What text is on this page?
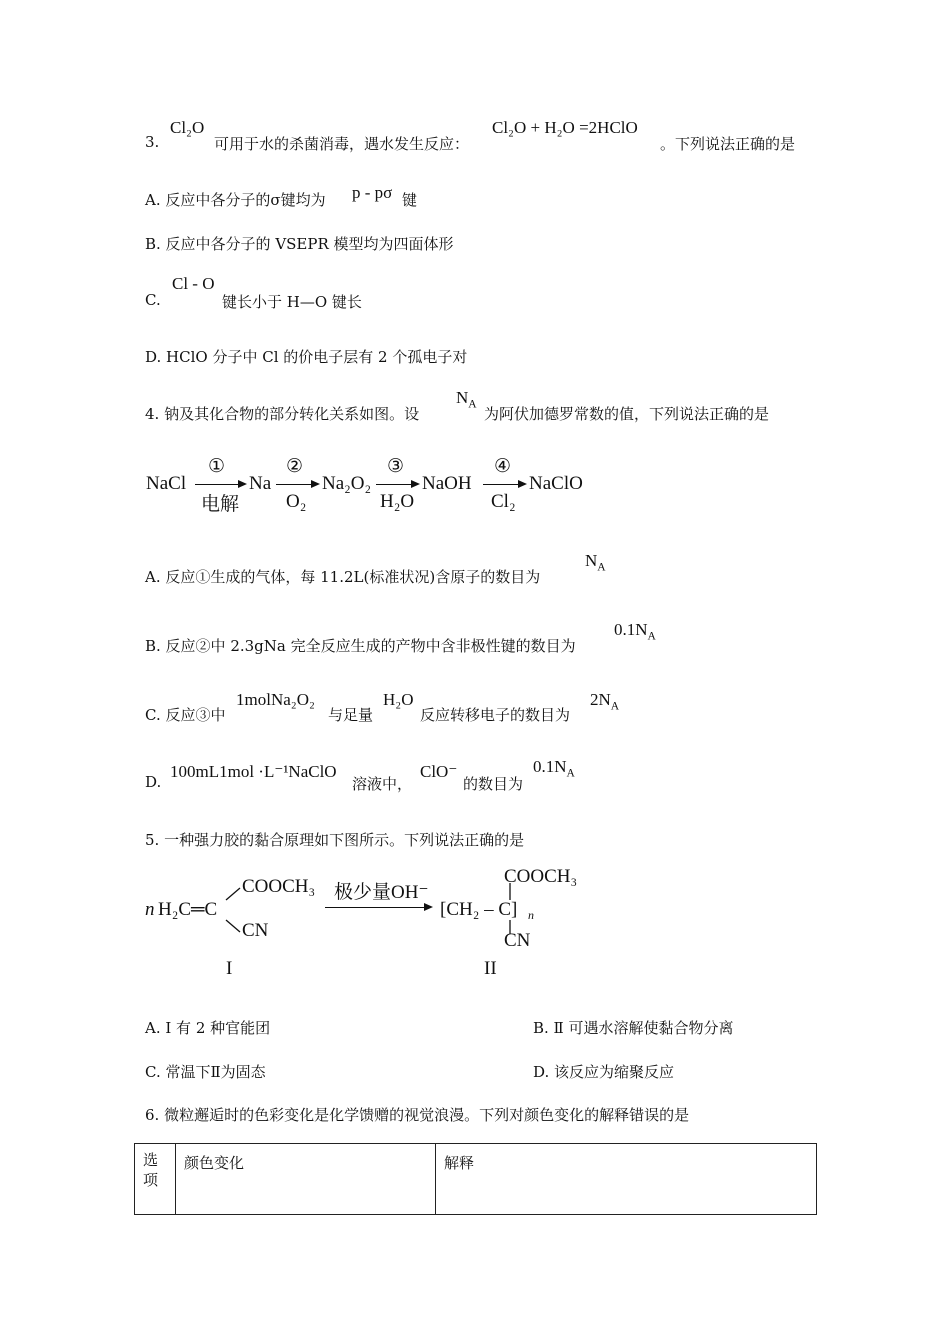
3.
Cl₂O
可用于水的杀菌消毒，遇水发生反应：
Cl₂O + H₂O =2HClO
。下列说法正确的是
A. 反应中各分子的σ键均为 p - pσ 键
B. 反应中各分子的 VSEPR 模型均为四面体形
C.
Cl - O
键长小于 H—O 键长
D. HClO 分子中 Cl 的价电子层有 2 个孤电子对
4. 钠及其化合物的部分转化关系如图。设
$N_A$
为阿伏加德罗常数的值，下列说法正确的是
NaCl
①
电解
Na
②
O₂
Na₂O₂
③
H₂O
NaOH
④
Cl₂
NaClO
A. 反应①生成的气体，每 11.2L(标准状况)含原子的数目为
$N_A$
B. 反应②中 2.3gNa 完全反应生成的产物中含非极性键的数目为
$0.1N_A$
C. 反应③中
1molNa₂O₂
与足量
H₂O
反应转移电子的数目为
$2N_A$
D.
100mL1mol ·L⁻¹NaClO
溶液中，
ClO⁻
的数目为
$0.1N_A$
5. 一种强力胶的黏合原理如下图所示。下列说法正确的是
n H₂C═C
COOCH₃
CN
极少量OH⁻
[CH₂ – C] n
COOCH₃
CN
I	II
A. Ⅰ 有 2 种官能团	B. Ⅱ 可遇水溶解使黏合物分离
C. 常温下Ⅱ为固态	D. 该反应为缩聚反应
6. 微粒邂逅时的色彩变化是化学馈赠的视觉浪漫。下列对颜色变化的解释错误的是
选项	颜色变化	解释
